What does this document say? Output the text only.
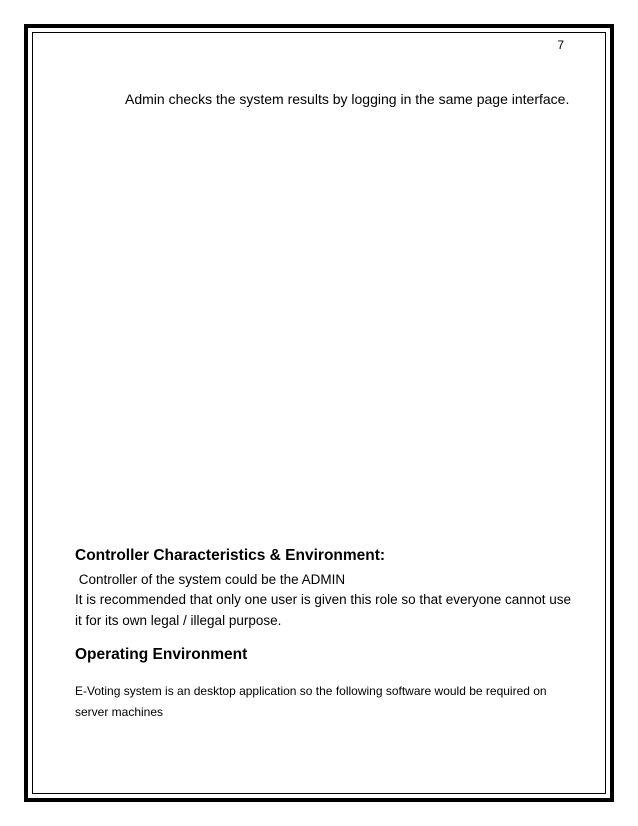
7
Admin checks the system results by logging in the same page interface.
Controller Characteristics & Environment:
Controller of the system could be the ADMIN
It is recommended that only one user is given this role so that everyone cannot use
it for its own legal / illegal purpose.
Operating Environment
E-Voting system is an desktop application so the following software would be required on
server machines
